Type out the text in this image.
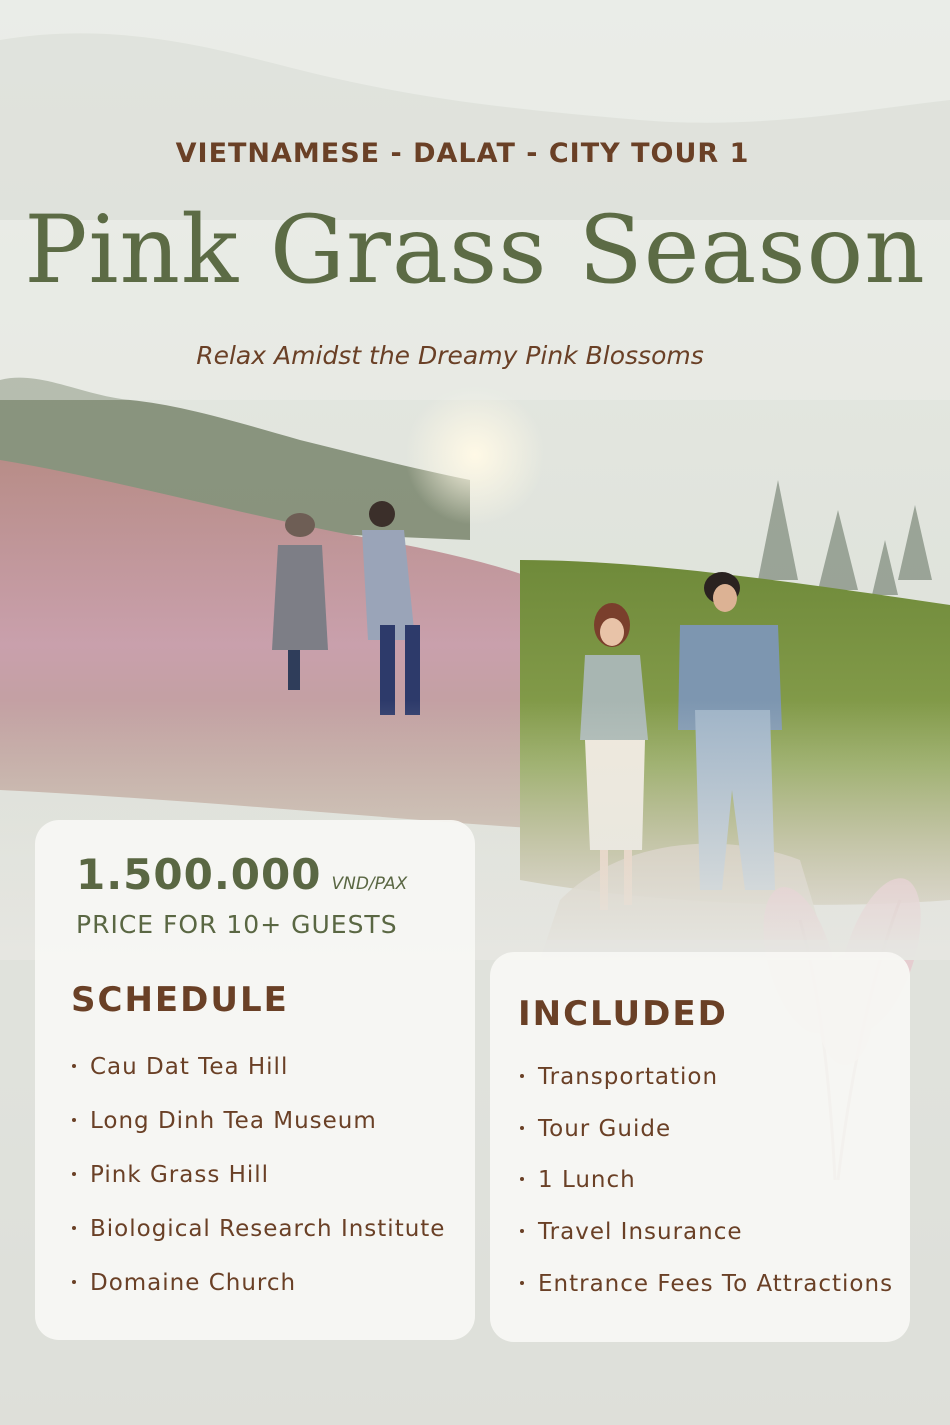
VIETNAMESE - DALAT - CITY TOUR 1
Pink Grass Season
Relax Amidst the Dreamy Pink Blossoms
1.500.000 VND/PAX
PRICE FOR 10+ GUESTS
SCHEDULE
Cau Dat Tea Hill
Long Dinh Tea Museum
Pink Grass Hill
Biological Research Institute
Domaine Church
INCLUDED
Transportation
Tour Guide
1 Lunch
Travel Insurance
Entrance Fees To Attractions
